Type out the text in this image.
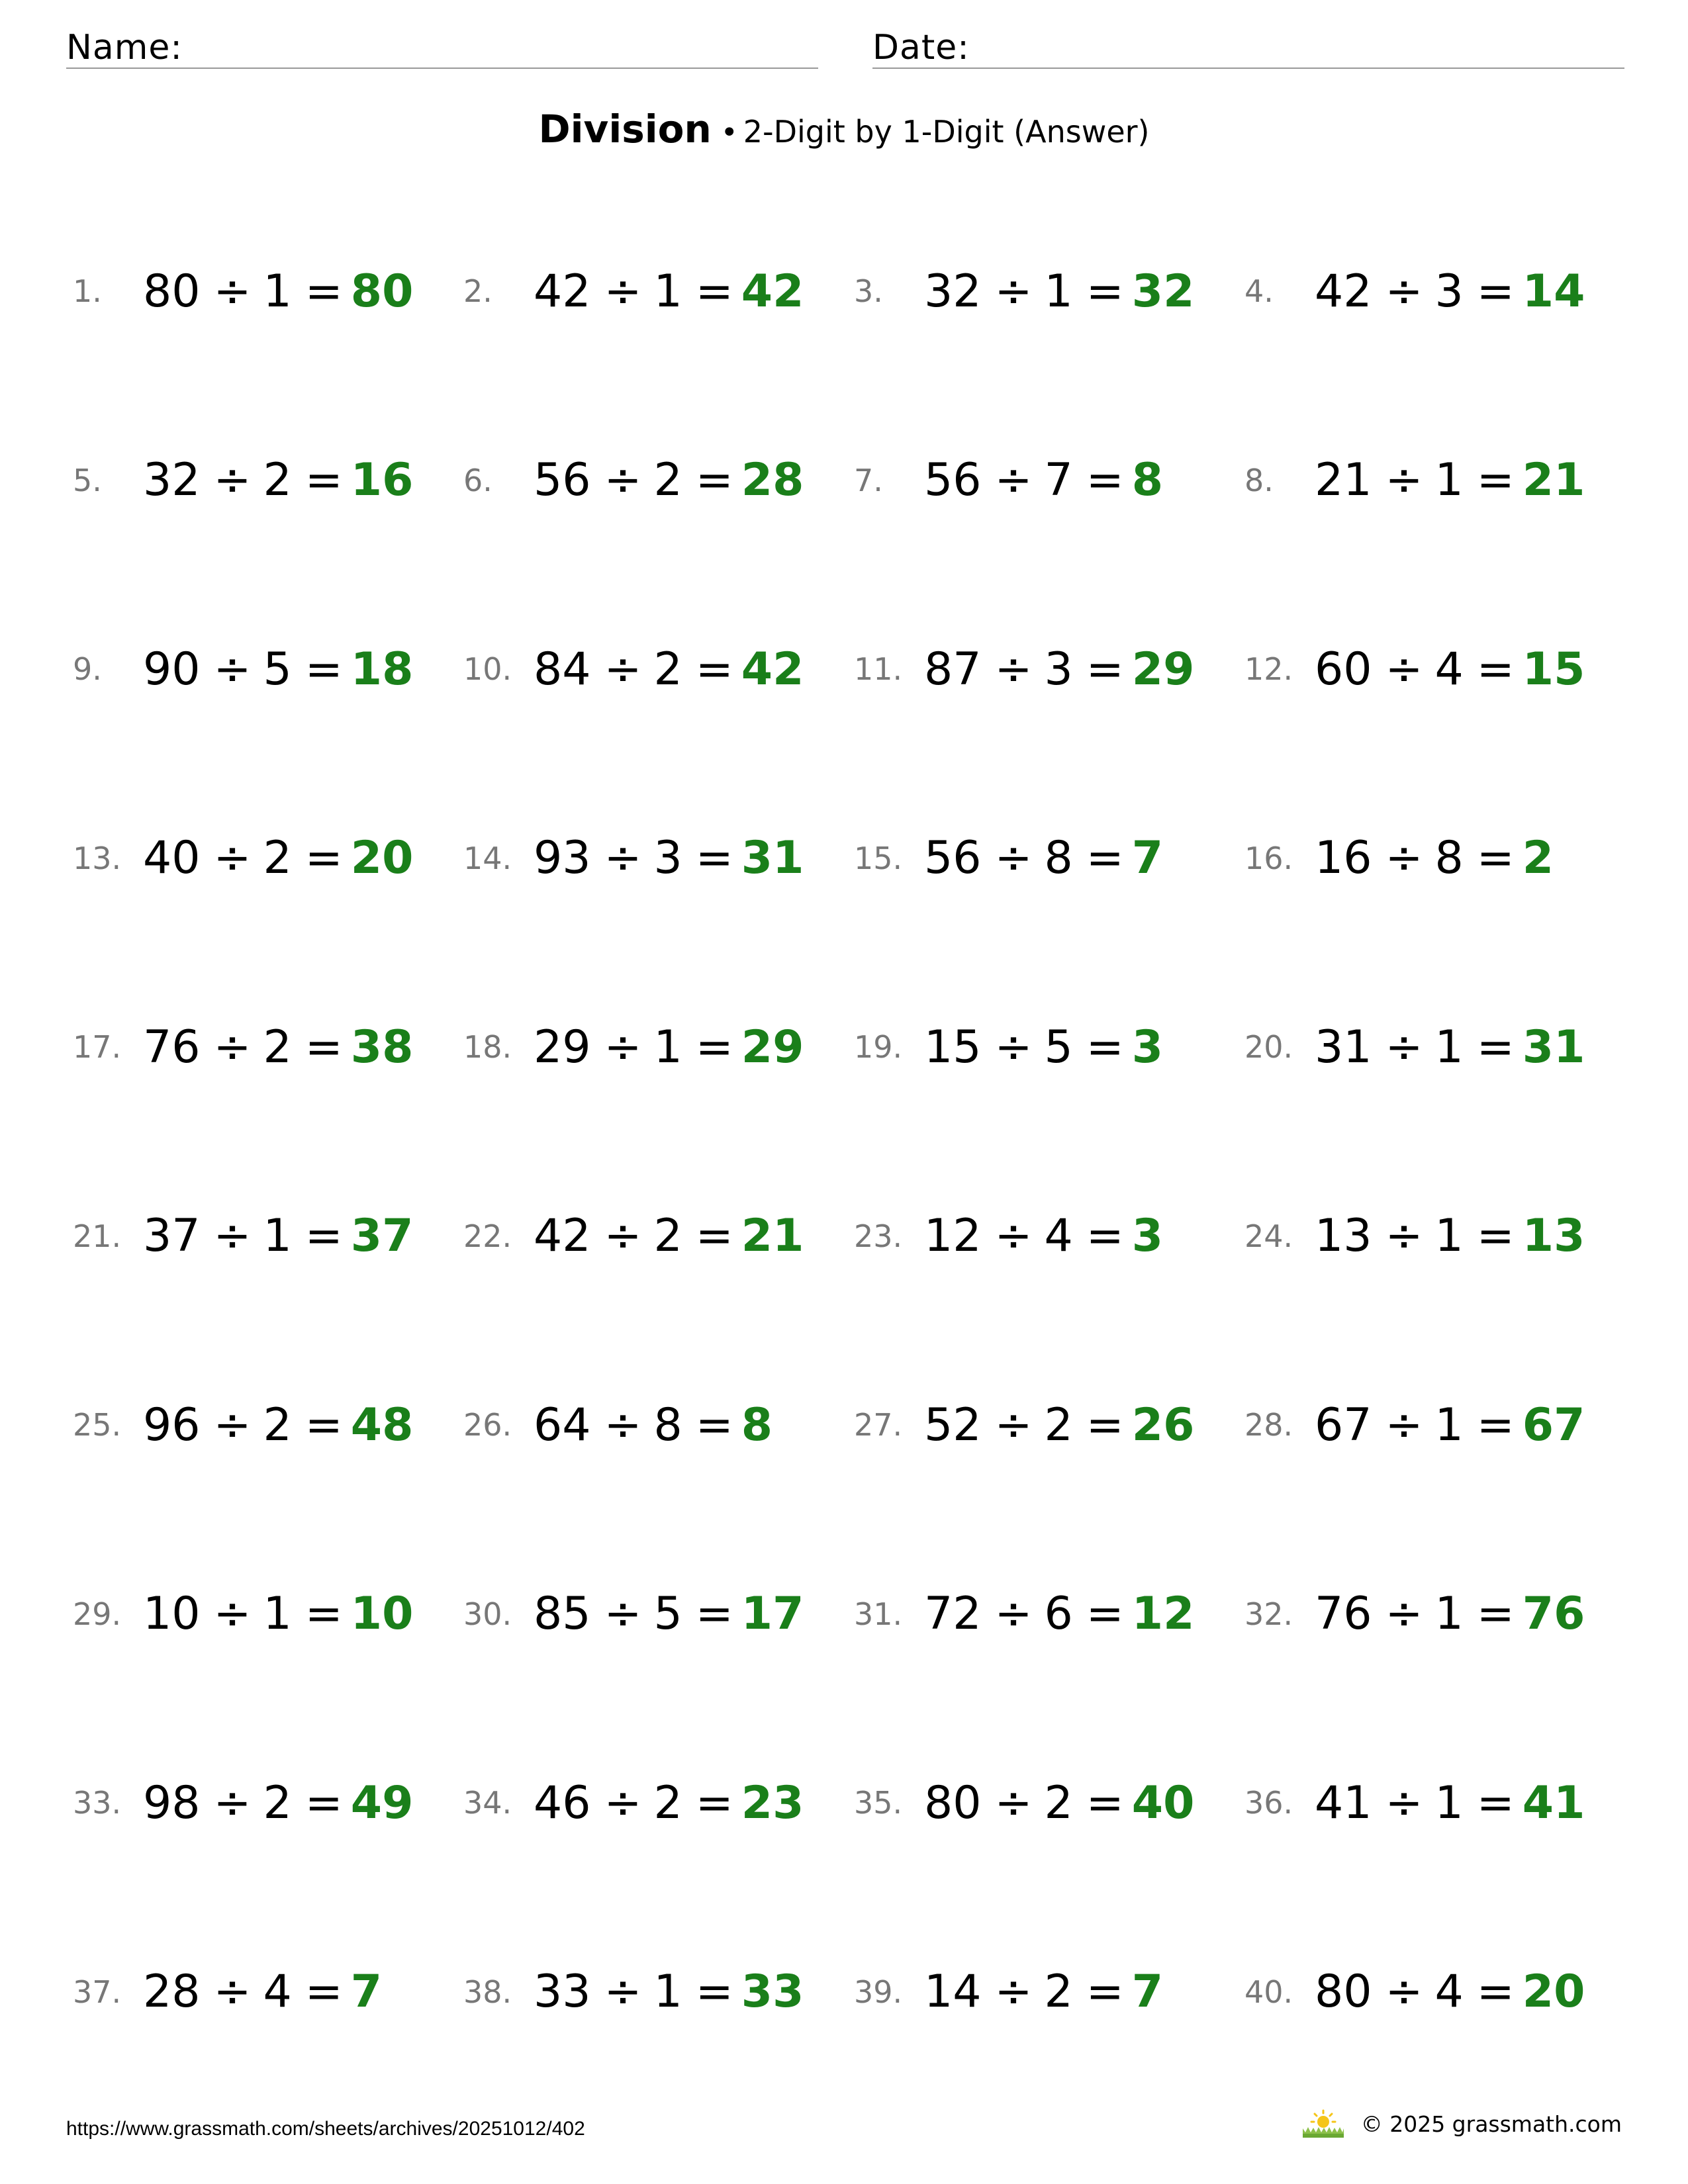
Name:	Date:
Division • 2-Digit by 1-Digit (Answer)
1. 80 ÷ 1 = 80 2. 42 ÷ 1 = 42 3. 32 ÷ 1 = 32 4. 42 ÷ 3 = 14
5. 32 ÷ 2 = 16 6. 56 ÷ 2 = 28 7. 56 ÷ 7 = 8	8. 21 ÷ 1 = 21
9. 90 ÷ 5 = 18 10. 84 ÷ 2 = 42 11. 87 ÷ 3 = 29 12. 60 ÷ 4 = 15
13. 40 ÷ 2 = 20 14. 93 ÷ 3 = 31 15. 56 ÷ 8 = 7	16. 16 ÷ 8 = 2
17. 76 ÷ 2 = 38 18. 29 ÷ 1 = 29 19. 15 ÷ 5 = 3	20. 31 ÷ 1 = 31
21. 37 ÷ 1 = 37 22. 42 ÷ 2 = 21 23. 12 ÷ 4 = 3	24. 13 ÷ 1 = 13
25. 96 ÷ 2 = 48 26. 64 ÷ 8 = 8	27. 52 ÷ 2 = 26 28. 67 ÷ 1 = 67
29. 10 ÷ 1 = 10 30. 85 ÷ 5 = 17 31. 72 ÷ 6 = 12 32. 76 ÷ 1 = 76
33. 98 ÷ 2 = 49 34. 46 ÷ 2 = 23 35. 80 ÷ 2 = 40 36. 41 ÷ 1 = 41
37. 28 ÷ 4 = 7	38. 33 ÷ 1 = 33 39. 14 ÷ 2 = 7	40. 80 ÷ 4 = 20
https://www.grassmath.com/sheets/archives/20251012/402	© 2025 grassmath.com
